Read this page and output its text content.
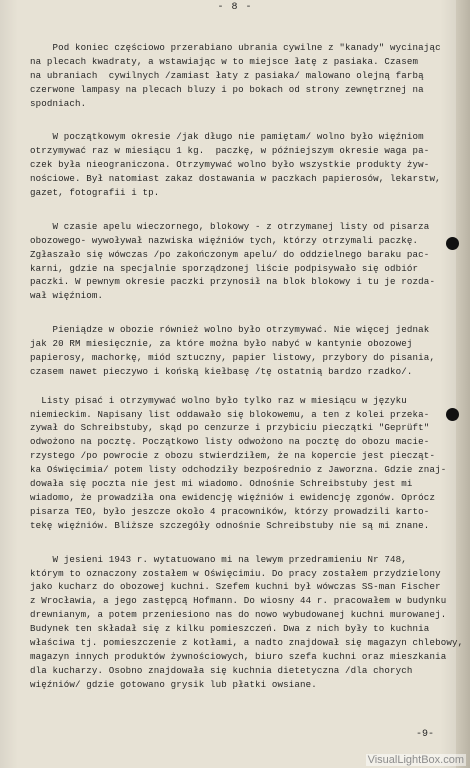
- 8 -

Pod koniec częściowo przerabiano ubrania cywilne z "kanady" wycinając
na plecach kwadraty, a wstawiając w to miejsce łatę z pasiaka. Czasem
na ubraniach  cywilnych /zamiast łaty z pasiaka/ malowano olejną farbą
czerwone lampasy na plecach bluzy i po bokach od strony zewnętrznej na
spodniach.

W początkowym okresie /jak długo nie pamiętam/ wolno było więźniom
otrzymywać raz w miesiącu 1 kg.  paczkę, w późniejszym okresie waga pa-
czek była nieograniczona. Otrzymywać wolno było wszystkie produkty żyw-
nościowe. Był natomiast zakaz dostawania w paczkach papierosów, lekarstw,
gazet, fotografii i tp.

W czasie apelu wieczornego, blokowy - z otrzymanej listy od pisarza
obozowego- wywoływał nazwiska więźniów tych, którzy otrzymali paczkę.
Zgłaszało się wówczas /po zakończonym apelu/ do oddzielnego baraku pac-
karni, gdzie na specjalnie sporządzonej liście podpisywało się odbiór
paczki. W pewnym okresie paczki przynosił na blok blokowy i tu je rozda-
wał więźniom.

Pieniądze w obozie również wolno było otrzymywać. Nie więcej jednak
jak 20 RM miesięcznie, za które można było nabyć w kantynie obozowej
papierosy, machorkę, miód sztuczny, papier listowy, przybory do pisania,
czasem nawet pieczywo i końską kiełbasę /tę ostatnią bardzo rzadko/.

Listy pisać i otrzymywać wolno było tylko raz w miesiącu w języku
niemieckim. Napisany list oddawało się blokowemu, a ten z kolei przeka-
zywał do Schreibstuby, skąd po cenzurze i przybiciu pieczątki "Geprüft"
odwożono na pocztę. Początkowo listy odwożono na pocztę do obozu macie-
rzystego /po powrocie z obozu stwierdziłem, że na kopercie jest piecząt-
ka Oświęcimia/ potem listy odchodziły bezpośrednio z Jaworzna. Gdzie znaj-
dowała się poczta nie jest mi wiadomo. Odnośnie Schreibstuby jest mi
wiadomo, że prowadziła ona ewidencję więźniów i ewidencję zgonów. Oprócz
pisarza TEO, było jeszcze około 4 pracowników, którzy prowadzili karto-
tekę więźniów. Bliższe szczegóły odnośnie Schreibstuby nie są mi znane.

W jesieni 1943 r. wytatuowano mi na lewym przedramieniu Nr 748,
którym to oznaczony zostałem w Oświęcimiu. Do pracy zostałem przydzielony
jako kucharz do obozowej kuchni. Szefem kuchni był wówczas SS-man Fischer
z Wrocławia, a jego zastępcą Hofmann. Do wiosny 44 r. pracowałem w budynku
drewnianym, a potem przeniesiono nas do nowo wybudowanej kuchni murowanej.
Budynek ten składał się z kilku pomieszczeń. Dwa z nich były to kuchnia
właściwa tj. pomieszczenie z kotłami, a nadto znajdował się magazyn chlebowy,
magazyn innych produktów żywnościowych, biuro szefa kuchni oraz mieszkania
dla kucharzy. Osobno znajdowała się kuchnia dietetyczna /dla chorych
więźniów/ gdzie gotowano grysik lub płatki owsiane.

-9-
VisualLightBox.com
